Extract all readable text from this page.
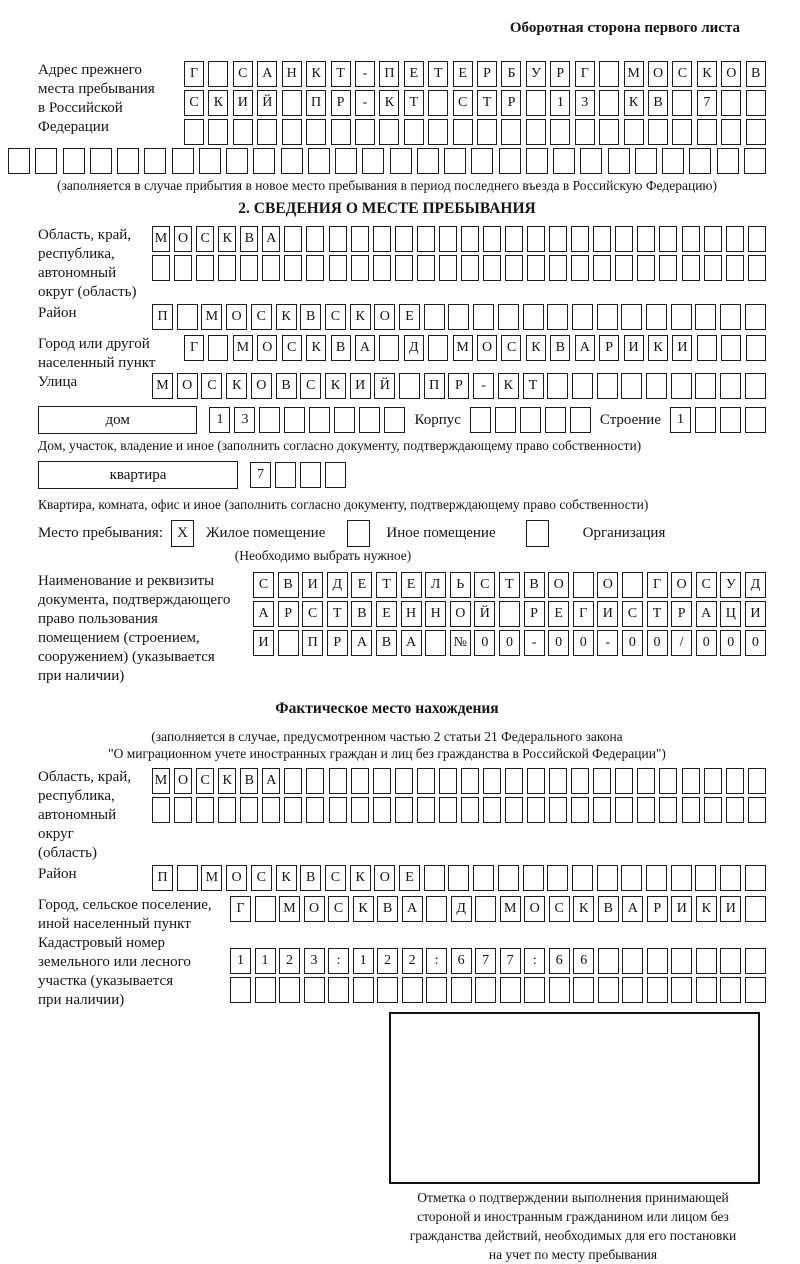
Оборотная сторона первого листа
Адрес прежнего
места пребывания
в Российской
Федерации
Г	С	А	Н	К	Т	-	П	Е	Т	Е	Р	Б	У	Р	Г	М О	С	К	О	В
С	К	И	Й	П	Р	-	К	Т	С	Т	Р	1	3	К	В	7
(заполняется в случае прибытия в новое место пребывания в период последнего въезда в Российскую Федерацию)
2. СВЕДЕНИЯ О МЕСТЕ ПРЕБЫВАНИЯ
Область, край,
республика,
автономный
округ (область)
М О С К В А
Район	П	М О	С	К	В	С	К	О	Е
Город или другой
населенный пункт
Г	М О	С	К	В	А	Д	М О	С	К	В	А	Р	И	К	И
Улица	М О	С	К	О	В	С	К	И	Й	П	Р	-	К	Т
дом	1	3	Корпус	Строение	1
Дом, участок, владение и иное (заполнить согласно документу, подтверждающему право собственности)
квартира	7
Квартира, комната, офис и иное (заполнить согласно документу, подтверждающему право собственности)
Место пребывания: X	Жилое помещение	Иное помещение	Организация
(Необходимо выбрать нужное)
Наименование и реквизиты
документа, подтверждающего
право пользования
помещением (строением,
сооружением) (указывается
при наличии)
С	В	И	Д	Е	Т	Е	Л	Ь	С	Т	В	О	О	Г	О	С	У	Д
А	Р	С	Т	В	Е	Н	Н	О	Й	Р	Е	Г	И	С	Т	Р	А	Ц	И
И	П	Р	А	В	А	№	0	0	-	0	0	-	0	0	/	0	0	0
Фактическое место нахождения
(заполняется в случае, предусмотренном частью 2 статьи 21 Федерального закона
"О миграционном учете иностранных граждан и лиц без гражданства в Российской Федерации")
Область, край,
республика,
автономный округ
(область)
М О С К В А
Район	П	М О	С	К	В	С	К	О	Е
Город, сельское поселение,
иной населенный пункт
Г	М О	С	К	В	А	Д	М О	С	К	В	А	Р	И	К	И
Кадастровый номер
земельного или лесного
участка (указывается
при наличии)
1	1	2	3	:	1	2	2	:	6	7	7	:	6	6
Отметка о подтверждении выполнения принимающей
стороной и иностранным гражданином или лицом без
гражданства действий, необходимых для его постановки
на учет по месту пребывания
